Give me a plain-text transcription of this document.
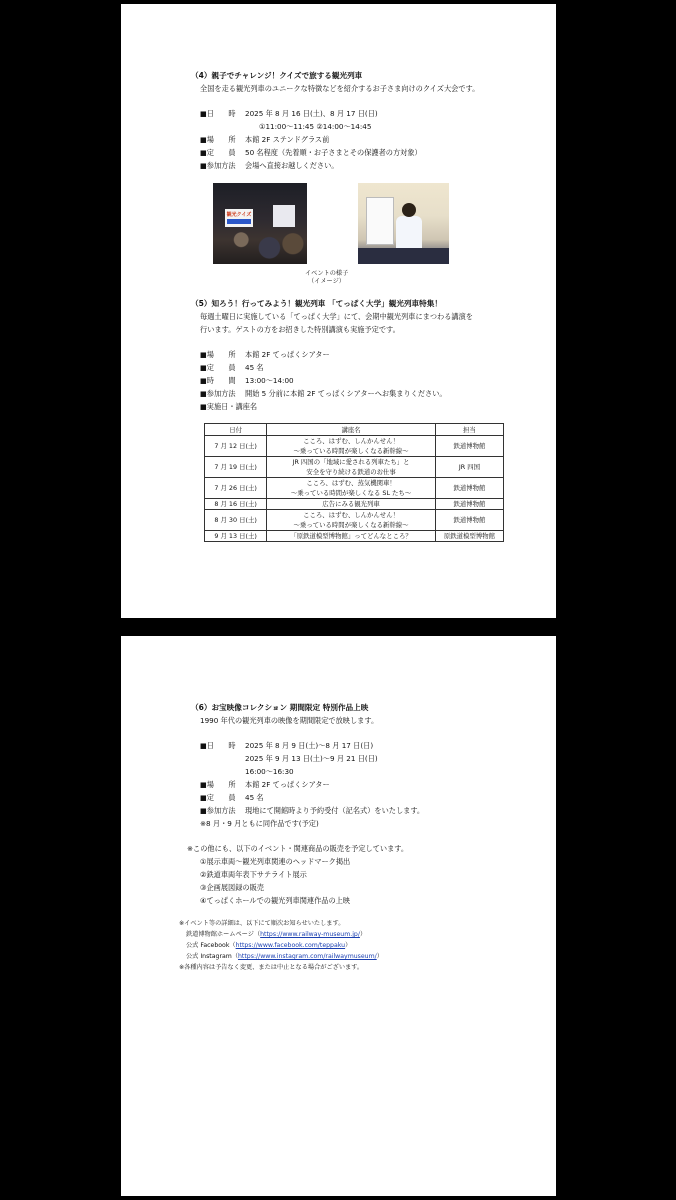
（4）親子でチャレンジ！クイズで旅する観光列車
全国を走る観光列車のユニークな特徴などを紹介するお子さま向けのクイズ大会です。
■日　　時 2025 年 8 月 16 日(土)、8 月 17 日(日)
①11:00〜11:45 ②14:00〜14:45
■場　　所 本館 2F ステンドグラス前
■定　　員 50 名程度（先着順・お子さまとその保護者の方対象）
■参加方法 会場へ直接お越しください。
観光クイズ
イベントの様子
（イメージ）
（5）知ろう！行ってみよう！観光列車 「てっぱく大学」観光列車特集！
毎週土曜日に実施している「てっぱく大学」にて、会期中観光列車にまつわる講演を
行います。ゲストの方をお招きした特別講演も実施予定です。
■場　　所 本館 2F てっぱくシアター
■定　　員 45 名
■時　　間 13:00〜14:00
■参加方法 開始 5 分前に本館 2F てっぱくシアターへお集まりください。
■実施日・講座名
日付	講座名	担当
7 月 12 日(土)	こころ、はずむ、しんかんせん！
〜乗っている時間が楽しくなる新幹線〜	鉄道博物館
7 月 19 日(土)	JR 四国の「地域に愛される列車たち」と
安全を守り続ける鉄道のお仕事	JR 四国
7 月 26 日(土)	こころ、はずむ、蒸気機関車！
〜乗っている時間が楽しくなる SL たち〜	鉄道博物館
8 月 16 日(土)	広告にみる観光列車	鉄道博物館
8 月 30 日(土)	こころ、はずむ、しんかんせん！
〜乗っている時間が楽しくなる新幹線〜	鉄道博物館
9 月 13 日(土)	「原鉄道模型博物館」ってどんなところ？	原鉄道模型博物館
（6）お宝映像コレクション 期間限定 特別作品上映
1990 年代の観光列車の映像を期間限定で放映します。
■日　　時 2025 年 8 月 9 日(土)〜8 月 17 日(日)
2025 年 9 月 13 日(土)〜9 月 21 日(日)
16:00〜16:30
■場　　所 本館 2F てっぱくシアター
■定　　員 45 名
■参加方法 現地にて開館時より予約受付（記名式）をいたします。
※8 月・9 月ともに同作品です(予定)
※この他にも、以下のイベント・関連商品の販売を予定しています。
①展示車両〜観光列車関連のヘッドマーク掲出
②鉄道車両年表下サテライト展示
③企画展図録の販売
④てっぱくホールでの観光列車関連作品の上映
※イベント等の詳細は、以下にて順次お知らせいたします。
鉄道博物館ホームページ（https://www.railway-museum.jp/）
公式 Facebook（https://www.facebook.com/teppaku）
公式 Instagram（https://www.instagram.com/railwaymuseum/）
※各種内容は予告なく変更、または中止となる場合がございます。
